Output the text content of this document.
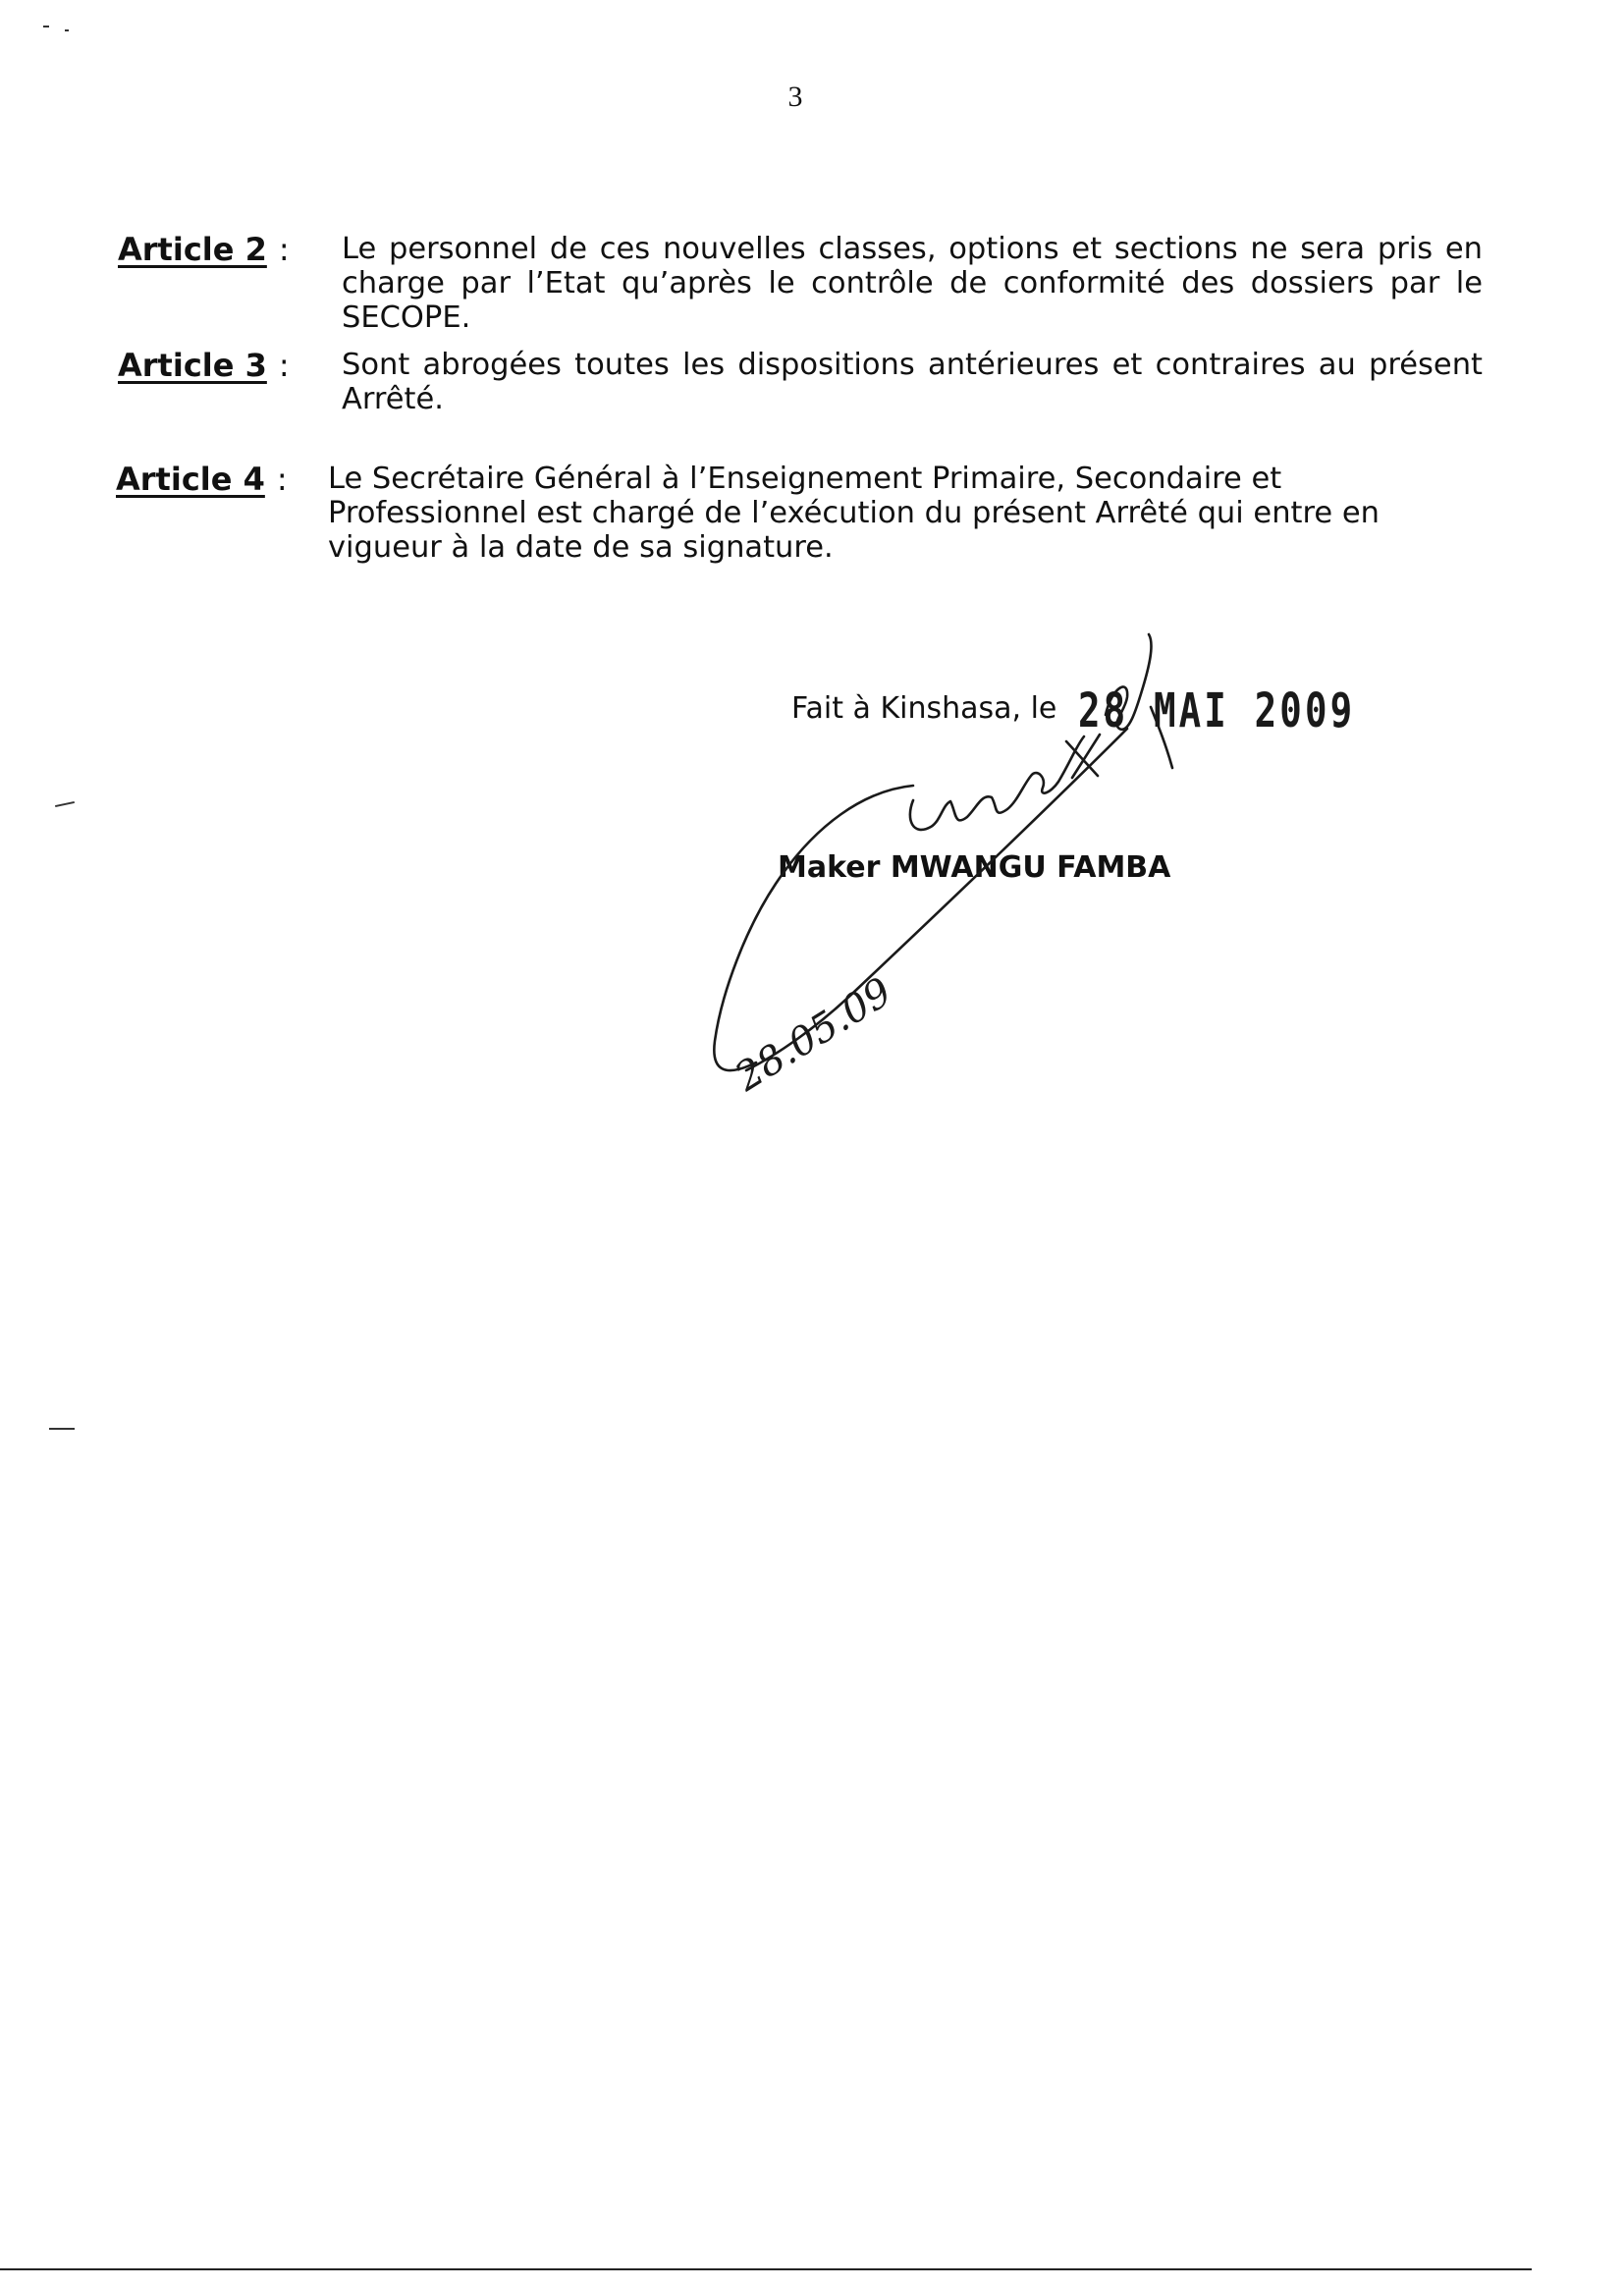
3
Article 2 :	Le personnel de ces nouvelles classes, options et sections ne sera pris en charge par l’Etat qu’après le contrôle de conformité des dossiers par le SECOPE.
Article 3 :	Sont abrogées toutes les dispositions antérieures et contraires au présent Arrêté.
Article 4 :	Le Secrétaire Général à l’Enseignement Primaire, Secondaire et Professionnel est chargé de l’exécution du présent Arrêté qui entre en vigueur à la date de sa signature.
Fait à Kinshasa, le 28 MAI 2009
Maker MWANGU FAMBA
28.05.09
